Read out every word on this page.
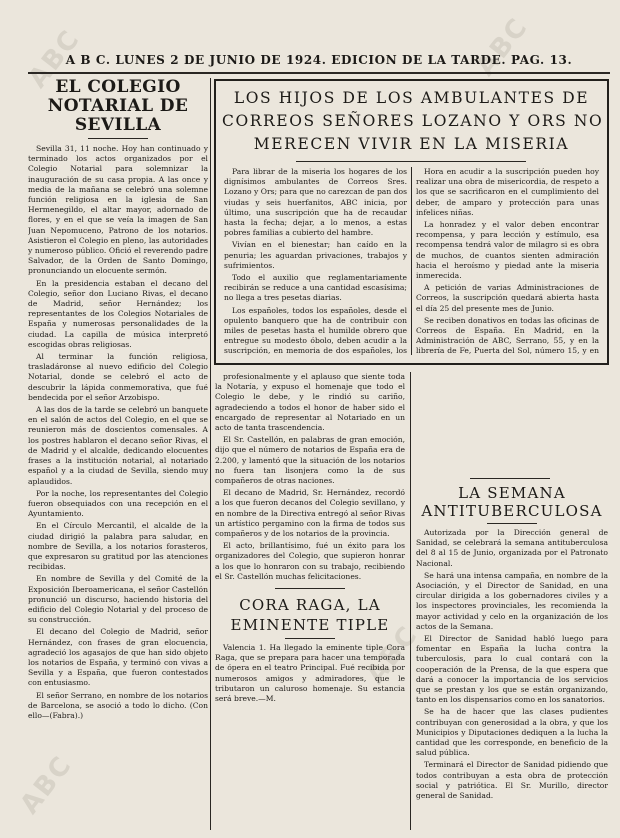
ABC	ABC
ABC
ABC
A B C. LUNES 2 DE JUNIO DE 1924. EDICION DE LA TARDE. PAG. 13.
EL COLEGIO NOTARIAL DE SEVILLA

Sevilla 31, 11 noche. Hoy han continuado y terminado los actos organizados por el Colegio Notarial para solemnizar la inauguración de su casa propia. A las once y media de la mañana se celebró una solemne función religiosa en la iglesia de San Hermenegildo, el altar mayor, adornado de flores, y en el que se veía la imagen de San Juan Nepomuceno, Patrono de los notarios. Asistieron el Colegio en pleno, las autoridades y numeroso público. Ofició el reverendo padre Salvador, de la Orden de Santo Domingo, pronunciando un elocuente sermón.

En la presidencia estaban el decano del Colegio, señor don Luciano Rivas, el decano de Madrid, señor Hernández; los representantes de los Colegios Notariales de España y numerosas personalidades de la ciudad. La capilla de música interpretó escogidas obras religiosas.

Al terminar la función religiosa, trasladáronse al nuevo edificio del Colegio Notarial, donde se celebró el acto de descubrir la lápida conmemorativa, que fué bendecida por el señor Arzobispo.

A las dos de la tarde se celebró un banquete en el salón de actos del Colegio, en el que se reunieron más de doscientos comensales. A los postres hablaron el decano señor Rivas, el de Madrid y el alcalde, dedicando elocuentes frases a la institución notarial, al notariado español y a la ciudad de Sevilla, siendo muy aplaudidos.

Por la noche, los representantes del Colegio fueron obsequiados con una recepción en el Ayuntamiento.

En el Círculo Mercantil, el alcalde de la ciudad dirigió la palabra para saludar, en nombre de Sevilla, a los notarios forasteros, que expresaron su gratitud por las atenciones recibidas.

En nombre de Sevilla y del Comité de la Exposición Iberoamericana, el señor Castellón pronunció un discurso, haciendo historia del edificio del Colegio Notarial y del proceso de su construcción.

El decano del Colegio de Madrid, señor Hernández, con frases de gran elocuencia, agradeció los agasajos de que han sido objeto los notarios de España, y terminó con vivas a Sevilla y a España, que fueron contestados con entusiasmo.

El señor Serrano, en nombre de los notarios de Barcelona, se asoció a todo lo dicho. (Con ello—(Fabra).)

LOS HIJOS DE LOS AMBULANTES DE
CORREOS SEÑORES LOZANO Y ORS NO
MERECEN VIVIR EN LA MISERIA

Para librar de la miseria los hogares de los dignísimos ambulantes de Correos Sres. Lozano y Ors; para que no carezcan de pan dos viudas y seis huerfanitos, ABC inicia, por último, una suscripción que ha de recaudar hasta la fecha; dejar, a lo menos, a estas pobres familias a cubierto del hambre.

Vivían en el bienestar; han caído en la penuria; les aguardan privaciones, trabajos y sufrimientos.

Todo el auxilio que reglamentariamente recibirán se reduce a una cantidad escasísima; no llega a tres pesetas diarias.

Los españoles, todos los españoles, desde el opulento banquero que ha de contribuir con miles de pesetas hasta el humilde obrero que entregue su modesto óbolo, deben acudir a la suscripción, en memoria de dos españoles, los

Hora en acudir a la suscripción pueden hoy realizar una obra de misericordia, de respeto a los que se sacrificaron en el cumplimiento del deber, de amparo y protección para unas infelices niñas.

La honradez y el valor deben encontrar recompensa, y para lección y estímulo, esa recompensa tendrá valor de milagro si es obra de muchos, de cuantos sienten admiración hacia el heroísmo y piedad ante la miseria inmerecida.

A petición de varias Administraciones de Correos, la suscripción quedará abierta hasta el día 25 del presente mes de Junio.

Se reciben donativos en todas las oficinas de Correos de España. En Madrid, en la Administración de ABC, Serrano, 55, y en la librería de Fe, Puerta del Sol, número 15, y en

profesionalmente y el aplauso que siente toda la Notaría, y expuso el homenaje que todo el Colegio le debe, y le rindió su cariño, agradeciendo a todos el honor de haber sido el encargado de representar al Notariado en un acto de tanta trascendencia.

El Sr. Castellón, en palabras de gran emoción, dijo que el número de notarios de España era de 2.200, y lamentó que la situación de los notarios no fuera tan lisonjera como la de sus compañeros de otras naciones.

El decano de Madrid, Sr. Hernández, recordó a los que fueron decanos del Colegio sevillano, y en nombre de la Directiva entregó al señor Rivas un artístico pergamino con la firma de todos sus compañeros y de los notarios de la provincia.

El acto, brillantísimo, fué un éxito para los organizadores del Colegio, que supieron honrar a los que lo honraron con su trabajo, recibiendo el Sr. Castellón muchas felicitaciones.

CORA RAGA, LA EMINENTE TIPLE

Valencia 1. Ha llegado la eminente tiple Cora Raga, que se prepara para hacer una temporada de ópera en el teatro Principal. Fué recibida por numerosos amigos y admiradores, que le tributaron un caluroso homenaje. Su estancia será breve.—M.

LA SEMANA ANTITUBERCULOSA

Autorizada por la Dirección general de Sanidad, se celebrará la semana antituberculosa del 8 al 15 de Junio, organizada por el Patronato Nacional.

Se hará una intensa campaña, en nombre de la Asociación, y el Director de Sanidad, en una circular dirigida a los gobernadores civiles y a los inspectores provinciales, les recomienda la mayor actividad y celo en la organización de los actos de la Semana.

El Director de Sanidad habló luego para fomentar en España la lucha contra la tuberculosis, para lo cual contará con la cooperación de la Prensa, de la que espera que dará a conocer la importancia de los servicios que se prestan y los que se están organizando, tanto en los dispensarios como en los sanatorios.

Se ha de hacer que las clases pudientes contribuyan con generosidad a la obra, y que los Municipios y Diputaciones dediquen a la lucha la cantidad que les corresponde, en beneficio de la salud pública.

Terminará el Director de Sanidad pidiendo que todos contribuyan a esta obra de protección social y patriótica. El Sr. Murillo, director general de Sanidad.
